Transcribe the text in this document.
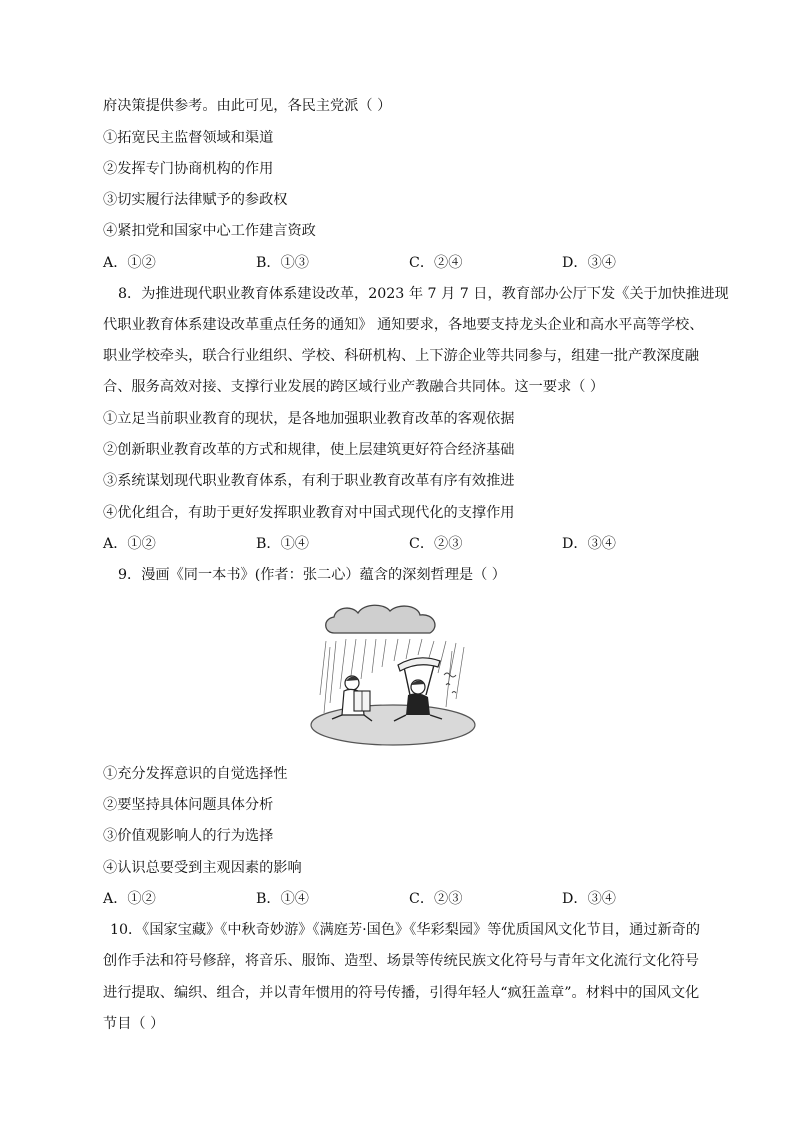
府决策提供参考。由此可见，各民主党派（ ）
①拓宽民主监督领域和渠道
②发挥专门协商机构的作用
③切实履行法律赋予的参政权
④紧扣党和国家中心工作建言资政
A．①②	B．①③	C．②④	D．③④
8．为推进现代职业教育体系建设改革，2023 年 7 月 7 日，教育部办公厅下发《关于加快推进现
代职业教育体系建设改革重点任务的通知》 通知要求，各地要支持龙头企业和高水平高等学校、
职业学校牵头，联合行业组织、学校、科研机构、上下游企业等共同参与，组建一批产教深度融
合、服务高效对接、支撑行业发展的跨区域行业产教融合共同体。这一要求（ ）
①立足当前职业教育的现状，是各地加强职业教育改革的客观依据
②创新职业教育改革的方式和规律，使上层建筑更好符合经济基础
③系统谋划现代职业教育体系，有利于职业教育改革有序有效推进
④优化组合，有助于更好发挥职业教育对中国式现代化的支撑作用
A．①②	B．①④	C．②③	D．③④
9．漫画《同一本书》(作者：张二心）蕴含的深刻哲理是（ ）
①充分发挥意识的自觉选择性
②要坚持具体问题具体分析
③价值观影响人的行为选择
④认识总要受到主观因素的影响
A．①②	B．①④	C．②③	D．③④
10．《国家宝藏》《中秋奇妙游》《满庭芳·国色》《华彩梨园》等优质国风文化节目，通过新奇的
创作手法和符号修辞，将音乐、服饰、造型、场景等传统民族文化符号与青年文化流行文化符号
进行提取、编织、组合，并以青年惯用的符号传播，引得年轻人“疯狂盖章”。材料中的国风文化
节目（ ）
